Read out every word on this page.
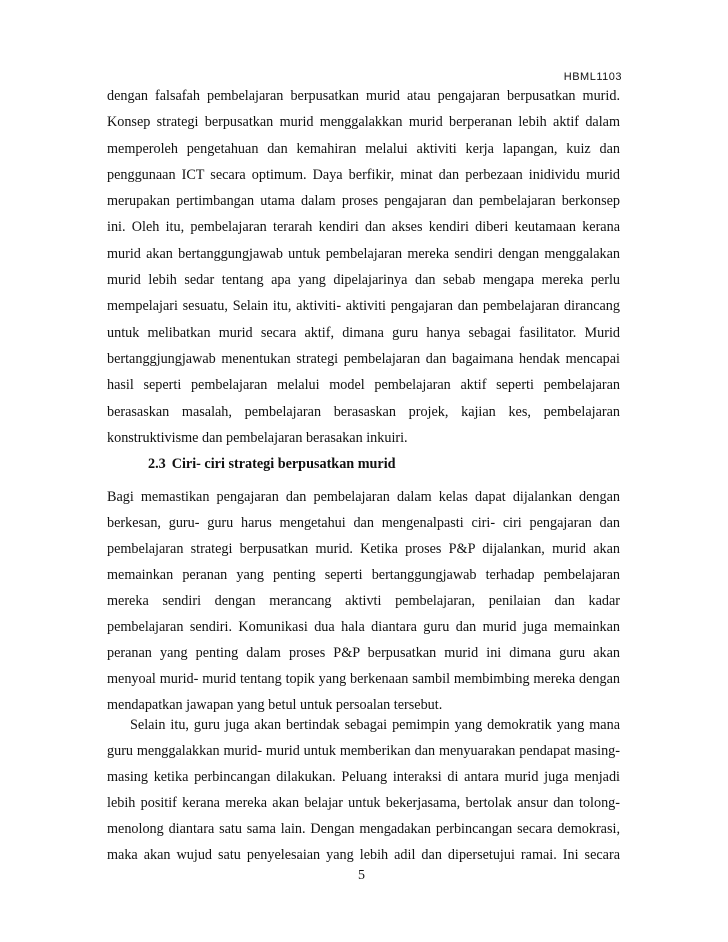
HBML1103
dengan falsafah pembelajaran berpusatkan murid atau pengajaran berpusatkan murid.
Konsep strategi berpusatkan murid menggalakkan murid berperanan lebih aktif dalam
memperoleh pengetahuan dan kemahiran melalui aktiviti kerja lapangan, kuiz dan
penggunaan ICT secara optimum. Daya berfikir, minat dan perbezaan inidividu murid
merupakan pertimbangan utama dalam proses pengajaran dan pembelajaran berkonsep
ini. Oleh itu, pembelajaran terarah kendiri dan akses kendiri diberi keutamaan kerana
murid akan bertanggungjawab untuk pembelajaran mereka sendiri dengan menggalakan
murid lebih sedar tentang apa yang dipelajarinya dan sebab mengapa mereka perlu
mempelajari sesuatu, Selain itu, aktiviti- aktiviti pengajaran dan pembelajaran dirancang
untuk melibatkan murid secara aktif, dimana guru hanya sebagai fasilitator. Murid
bertanggjungjawab menentukan strategi pembelajaran dan bagaimana hendak mencapai
hasil seperti pembelajaran melalui model pembelajaran aktif seperti pembelajaran
berasaskan masalah, pembelajaran berasaskan projek, kajian kes, pembelajaran
konstruktivisme dan pembelajaran berasakan inkuiri.
2.3 Ciri- ciri strategi berpusatkan murid
Bagi memastikan pengajaran dan pembelajaran dalam kelas dapat dijalankan dengan
berkesan, guru- guru harus mengetahui dan mengenalpasti ciri- ciri pengajaran dan
pembelajaran strategi berpusatkan murid. Ketika proses P&P dijalankan, murid akan
memainkan peranan yang penting seperti bertanggungjawab terhadap pembelajaran
mereka sendiri dengan merancang aktivti pembelajaran, penilaian dan kadar
pembelajaran sendiri. Komunikasi dua hala diantara guru dan murid juga memainkan
peranan yang penting dalam proses P&P berpusatkan murid ini dimana guru akan
menyoal murid- murid tentang topik yang berkenaan sambil membimbing mereka dengan
mendapatkan jawapan yang betul untuk persoalan tersebut.
Selain itu, guru juga akan bertindak sebagai pemimpin yang demokratik yang mana
guru menggalakkan murid- murid untuk memberikan dan menyuarakan pendapat masing-
masing ketika perbincangan dilakukan. Peluang interaksi di antara murid juga menjadi
lebih positif kerana mereka akan belajar untuk bekerjasama, bertolak ansur dan tolong-
menolong diantara satu sama lain. Dengan mengadakan perbincangan secara demokrasi,
maka akan wujud satu penyelesaian yang lebih adil dan dipersetujui ramai. Ini secara
5
